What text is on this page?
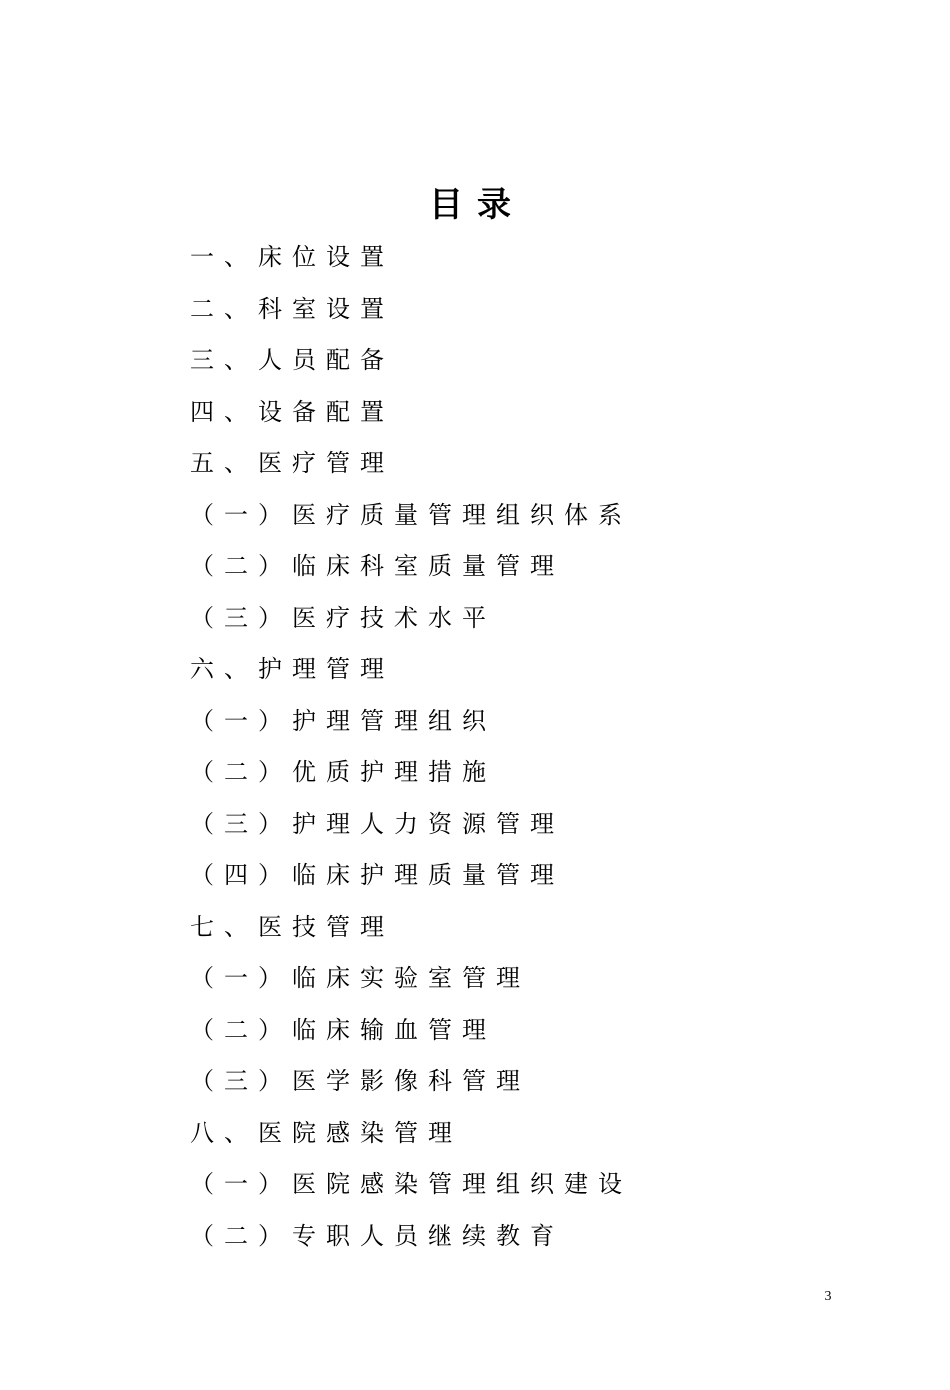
目录
一、床位设置
二、科室设置
三、人员配备
四、设备配置
五、医疗管理
（一）医疗质量管理组织体系
（二）临床科室质量管理
（三）医疗技术水平
六、护理管理
（一）护理管理组织
（二）优质护理措施
（三）护理人力资源管理
（四）临床护理质量管理
七、医技管理
（一）临床实验室管理
（二）临床输血管理
（三）医学影像科管理
八、医院感染管理
（一）医院感染管理组织建设
（二）专职人员继续教育
3
